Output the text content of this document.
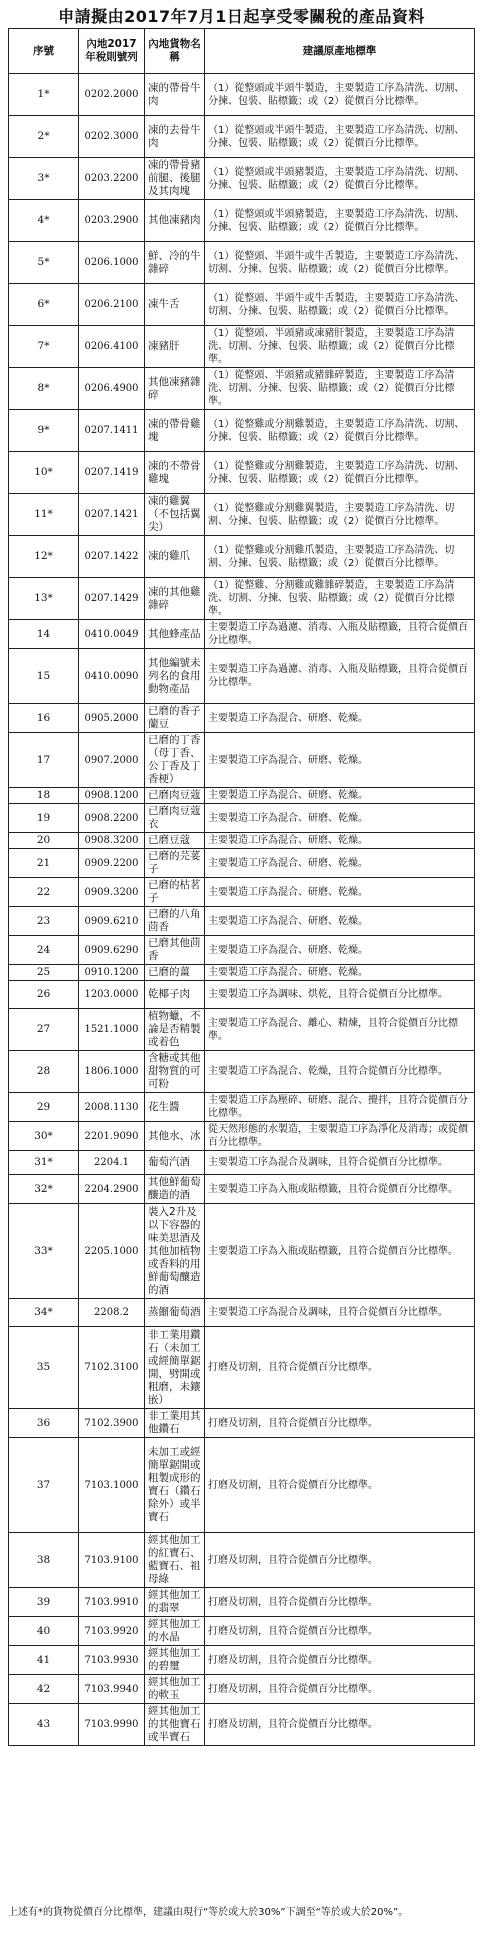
申請擬由2017年7月1日起享受零關稅的產品資料
序號	內地2017年稅則號列	內地貨物名稱	建議原產地標準
1*	0202.2000	凍的帶骨牛肉	（1）從整頭或半頭牛製造，主要製造工序為清洗、切割、分揀、包裝、貼標籤；或（2）從價百分比標準。
2*	0202.3000	凍的去骨牛肉	（1）從整頭或半頭牛製造，主要製造工序為清洗、切割、分揀、包裝、貼標籤；或（2）從價百分比標準。
3*	0203.2200	凍的帶骨豬前腿、後腿及其肉塊	（1）從整頭或半頭豬製造，主要製造工序為清洗、切割、分揀、包裝、貼標籤；或（2）從價百分比標準。
4*	0203.2900	其他凍豬肉	（1）從整頭或半頭豬製造，主要製造工序為清洗、切割、分揀、包裝、貼標籤；或（2）從價百分比標準。
5*	0206.1000	鮮、冷的牛雜碎	（1）從整頭、半頭牛或牛舌製造，主要製造工序為清洗、切割、分揀、包裝、貼標籤；或（2）從價百分比標準。
6*	0206.2100	凍牛舌	（1）從整頭、半頭牛或牛舌製造，主要製造工序為清洗、切割、分揀、包裝、貼標籤；或（2）從價百分比標準。
7*	0206.4100	凍豬肝	（1）從整頭、半頭豬或凍豬肝製造，主要製造工序為清洗、切割、分揀、包裝、貼標籤；或（2）從價百分比標準。
8*	0206.4900	其他凍豬雜碎	（1）從整頭、半頭豬或豬雜碎製造，主要製造工序為清洗、切割、分揀、包裝、貼標籤；或（2）從價百分比標準。
9*	0207.1411	凍的帶骨雞塊	（1）從整雞或分割雞製造，主要製造工序為清洗、切割、分揀、包裝、貼標籤；或（2）從價百分比標準。
10*	0207.1419	凍的不帶骨雞塊	（1）從整雞或分割雞製造，主要製造工序為清洗、切割、分揀、包裝、貼標籤；或（2）從價百分比標準。
11*	0207.1421	凍的雞翼（不包括翼尖）	（1）從整雞或分割雞翼製造，主要製造工序為清洗、切割、分揀、包裝、貼標籤；或（2）從價百分比標準。
12*	0207.1422	凍的雞爪	（1）從整雞或分割雞爪製造，主要製造工序為清洗、切割、分揀、包裝、貼標籤；或（2）從價百分比標準。
13*	0207.1429	凍的其他雞雜碎	（1）從整雞、分割雞或雞雜碎製造，主要製造工序為清洗、切割、分揀、包裝、貼標籤；或（2）從價百分比標準。
14	0410.0049	其他蜂產品	主要製造工序為過濾、消毒、入瓶及貼標籤，且符合從價百分比標準。
15	0410.0090	其他編號未列名的食用動物產品	主要製造工序為過濾、消毒、入瓶及貼標籤，且符合從價百分比標準。
16	0905.2000	已磨的香子蘭豆	主要製造工序為混合、研磨、乾燥。
17	0907.2000	已磨的丁香（母丁香、公丁香及丁香梗）	主要製造工序為混合、研磨、乾燥。
18	0908.1200	已磨肉豆蔻	主要製造工序為混合、研磨、乾燥。
19	0908.2200	已磨肉豆蔻衣	主要製造工序為混合、研磨、乾燥。
20	0908.3200	已磨豆蔻	主要製造工序為混合、研磨、乾燥。
21	0909.2200	已磨的芫荽子	主要製造工序為混合、研磨、乾燥。
22	0909.3200	已磨的枯茗子	主要製造工序為混合、研磨、乾燥。
23	0909.6210	已磨的八角茴香	主要製造工序為混合、研磨、乾燥。
24	0909.6290	已磨其他茴香	主要製造工序為混合、研磨、乾燥。
25	0910.1200	已磨的薑	主要製造工序為混合、研磨、乾燥。
26	1203.0000	乾椰子肉	主要製造工序為調味、烘乾，且符合從價百分比標準。
27	1521.1000	植物蠟，不論是否精製或着色	主要製造工序為混合、離心、精煉，且符合從價百分比標準。
28	1806.1000	含糖或其他甜物質的可可粉	主要製造工序為混合、乾燥，且符合從價百分比標準。
29	2008.1130	花生醬	主要製造工序為壓碎、研磨、混合、攪拌，且符合從價百分比標準。
30*	2201.9090	其他水、冰	從天然形態的水製造，主要製造工序為淨化及消毒；或從價百分比標準。
31*	2204.1	葡萄汽酒	主要製造工序為混合及調味，且符合從價百分比標準。
32*	2204.2900	其他鮮葡萄釀造的酒	主要製造工序為入瓶或貼標籤，且符合從價百分比標準。
33*	2205.1000	裝入2升及以下容器的味美思酒及其他加植物或香料的用鮮葡萄釀造的酒	主要製造工序為入瓶或貼標籤，且符合從價百分比標準。
34*	2208.2	蒸餾葡萄酒	主要製造工序為混合及調味，且符合從價百分比標準。
35	7102.3100	非工業用鑽石（未加工或經簡單鋸開，劈開或粗磨，未鑲嵌）	打磨及切割，且符合從價百分比標準。
36	7102.3900	非工業用其他鑽石	打磨及切割，且符合從價百分比標準。
37	7103.1000	未加工或經簡單鋸開或粗製成形的寶石（鑽石除外）或半寶石	打磨及切割，且符合從價百分比標準。
38	7103.9100	經其他加工的紅寶石、藍寶石、祖母綠	打磨及切割，且符合從價百分比標準。
39	7103.9910	經其他加工的翡翠	打磨及切割，且符合從價百分比標準。
40	7103.9920	經其他加工的水晶	打磨及切割，且符合從價百分比標準。
41	7103.9930	經其他加工的碧璽	打磨及切割，且符合從價百分比標準。
42	7103.9940	經其他加工的軟玉	打磨及切割，且符合從價百分比標準。
43	7103.9990	經其他加工的其他寶石或半寶石	打磨及切割，且符合從價百分比標準。
上述有*的貨物從價百分比標準，建議由現行“等於或大於30%”下調至“等於或大於20%”。
